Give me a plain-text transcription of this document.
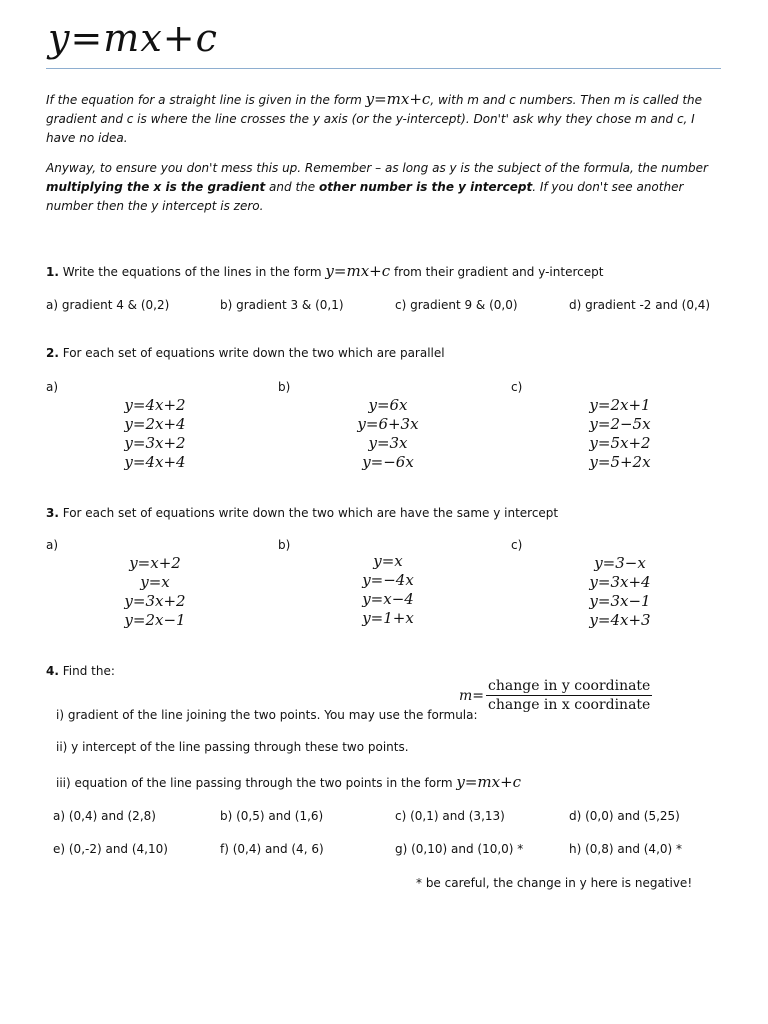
y=mx+c
If the equation for a straight line is given in the form y=mx+c, with m and c numbers. Then m is called the gradient and c is where the line crosses the y axis (or the y-intercept). Don't' ask why they chose m and c, I have no idea.
Anyway, to ensure you don't mess this up. Remember – as long as y is the subject of the formula, the number multiplying the x is the gradient and the other number is the y intercept. If you don't see another number then the y intercept is zero.
1. Write the equations of the lines in the form y=mx+c from their gradient and y-intercept
a) gradient 4 & (0,2)	b) gradient 3 & (0,1)	c) gradient 9 & (0,0)	d) gradient -2 and (0,4)
2. For each set of equations write down the two which are parallel
a)
y=4x+2
y=2x+4
y=3x+2
y=4x+4
b)
y=6x
y=6+3x
y=3x
y=−6x
c)
y=2x+1
y=2−5x
y=5x+2
y=5+2x
3. For each set of equations write down the two which are have the same y intercept
a)
y=x+2
y=x
y=3x+2
y=2x−1
b)
y=x
y=−4x
y=x−4
y=1+x
c)
y=3−x
y=3x+4
y=3x−1
y=4x+3
4. Find the:
m=
change in y coordinate
change in x coordinate
i) gradient of the line joining the two points. You may use the formula:
ii) y intercept of the line passing through these two points.
iii) equation of the line passing through the two points in the form y=mx+c
a) (0,4) and (2,8)	b) (0,5) and (1,6)	c) (0,1) and (3,13)	d) (0,0) and (5,25)
e) (0,-2) and (4,10)	f) (0,4) and (4, 6)	g) (0,10) and (10,0) *	h) (0,8) and (4,0) *
* be careful, the change in y here is negative!
